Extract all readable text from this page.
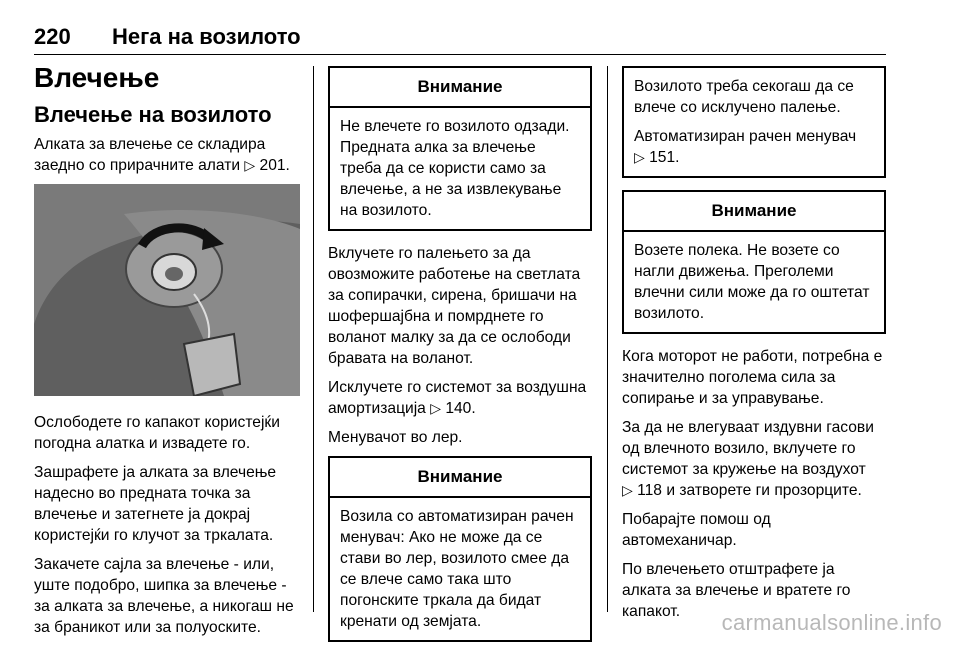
220 Нега на возилото
Влечење
Влечење на возилото

Алката за влечење се складира заедно со прирачните алати ▷ 201.

Ослободете го капакот користејќи погодна алатка и извадете го.

Зашрафете ја алката за влечење надесно во предната точка за влечење и затегнете ја докрај користејќи го клучот за тркалата.

Закачете сајла за влечење - или, уште подобро, шипка за влечење - за алката за влечење, а никогаш не за браникот или за полуоските.

Внимание

Не влечете го возилото одзади. Предната алка за влечење треба да се користи само за влечење, а не за извлекување на возилото.

Вклучете го палењето за да овозможите работење на светлата за сопирачки, сирена, бришачи на шофершајбна и помрднете го воланот малку за да се ослободи бравата на воланот.

Исклучете го системот за воздушна амортизација ▷ 140.

Менувачот во лер.

Внимание

Возила со автоматизиран рачен менувач: Ако не може да се стави во лер, возилото смее да се влече само така што погонските тркала да бидат кренати од земјата.

Возилото треба секогаш да се влече со исклучено палење.

Автоматизиран рачен менувач
▷ 151.

Внимание

Возете полека. Не возете со нагли движења. Преголеми влечни сили може да го оштетат возилото.

Кога моторот не работи, потребна е значително поголема сила за сопирање и за управување.

За да не влегуваат издувни гасови од влечното возило, вклучете го системот за кружење на воздухот
▷ 118 и затворете ги прозорците.

Побарајте помош од автомеханичар.

По влечењето отштрафете ја алката за влечење и вратете го капакот.	carmanualsonline.info
